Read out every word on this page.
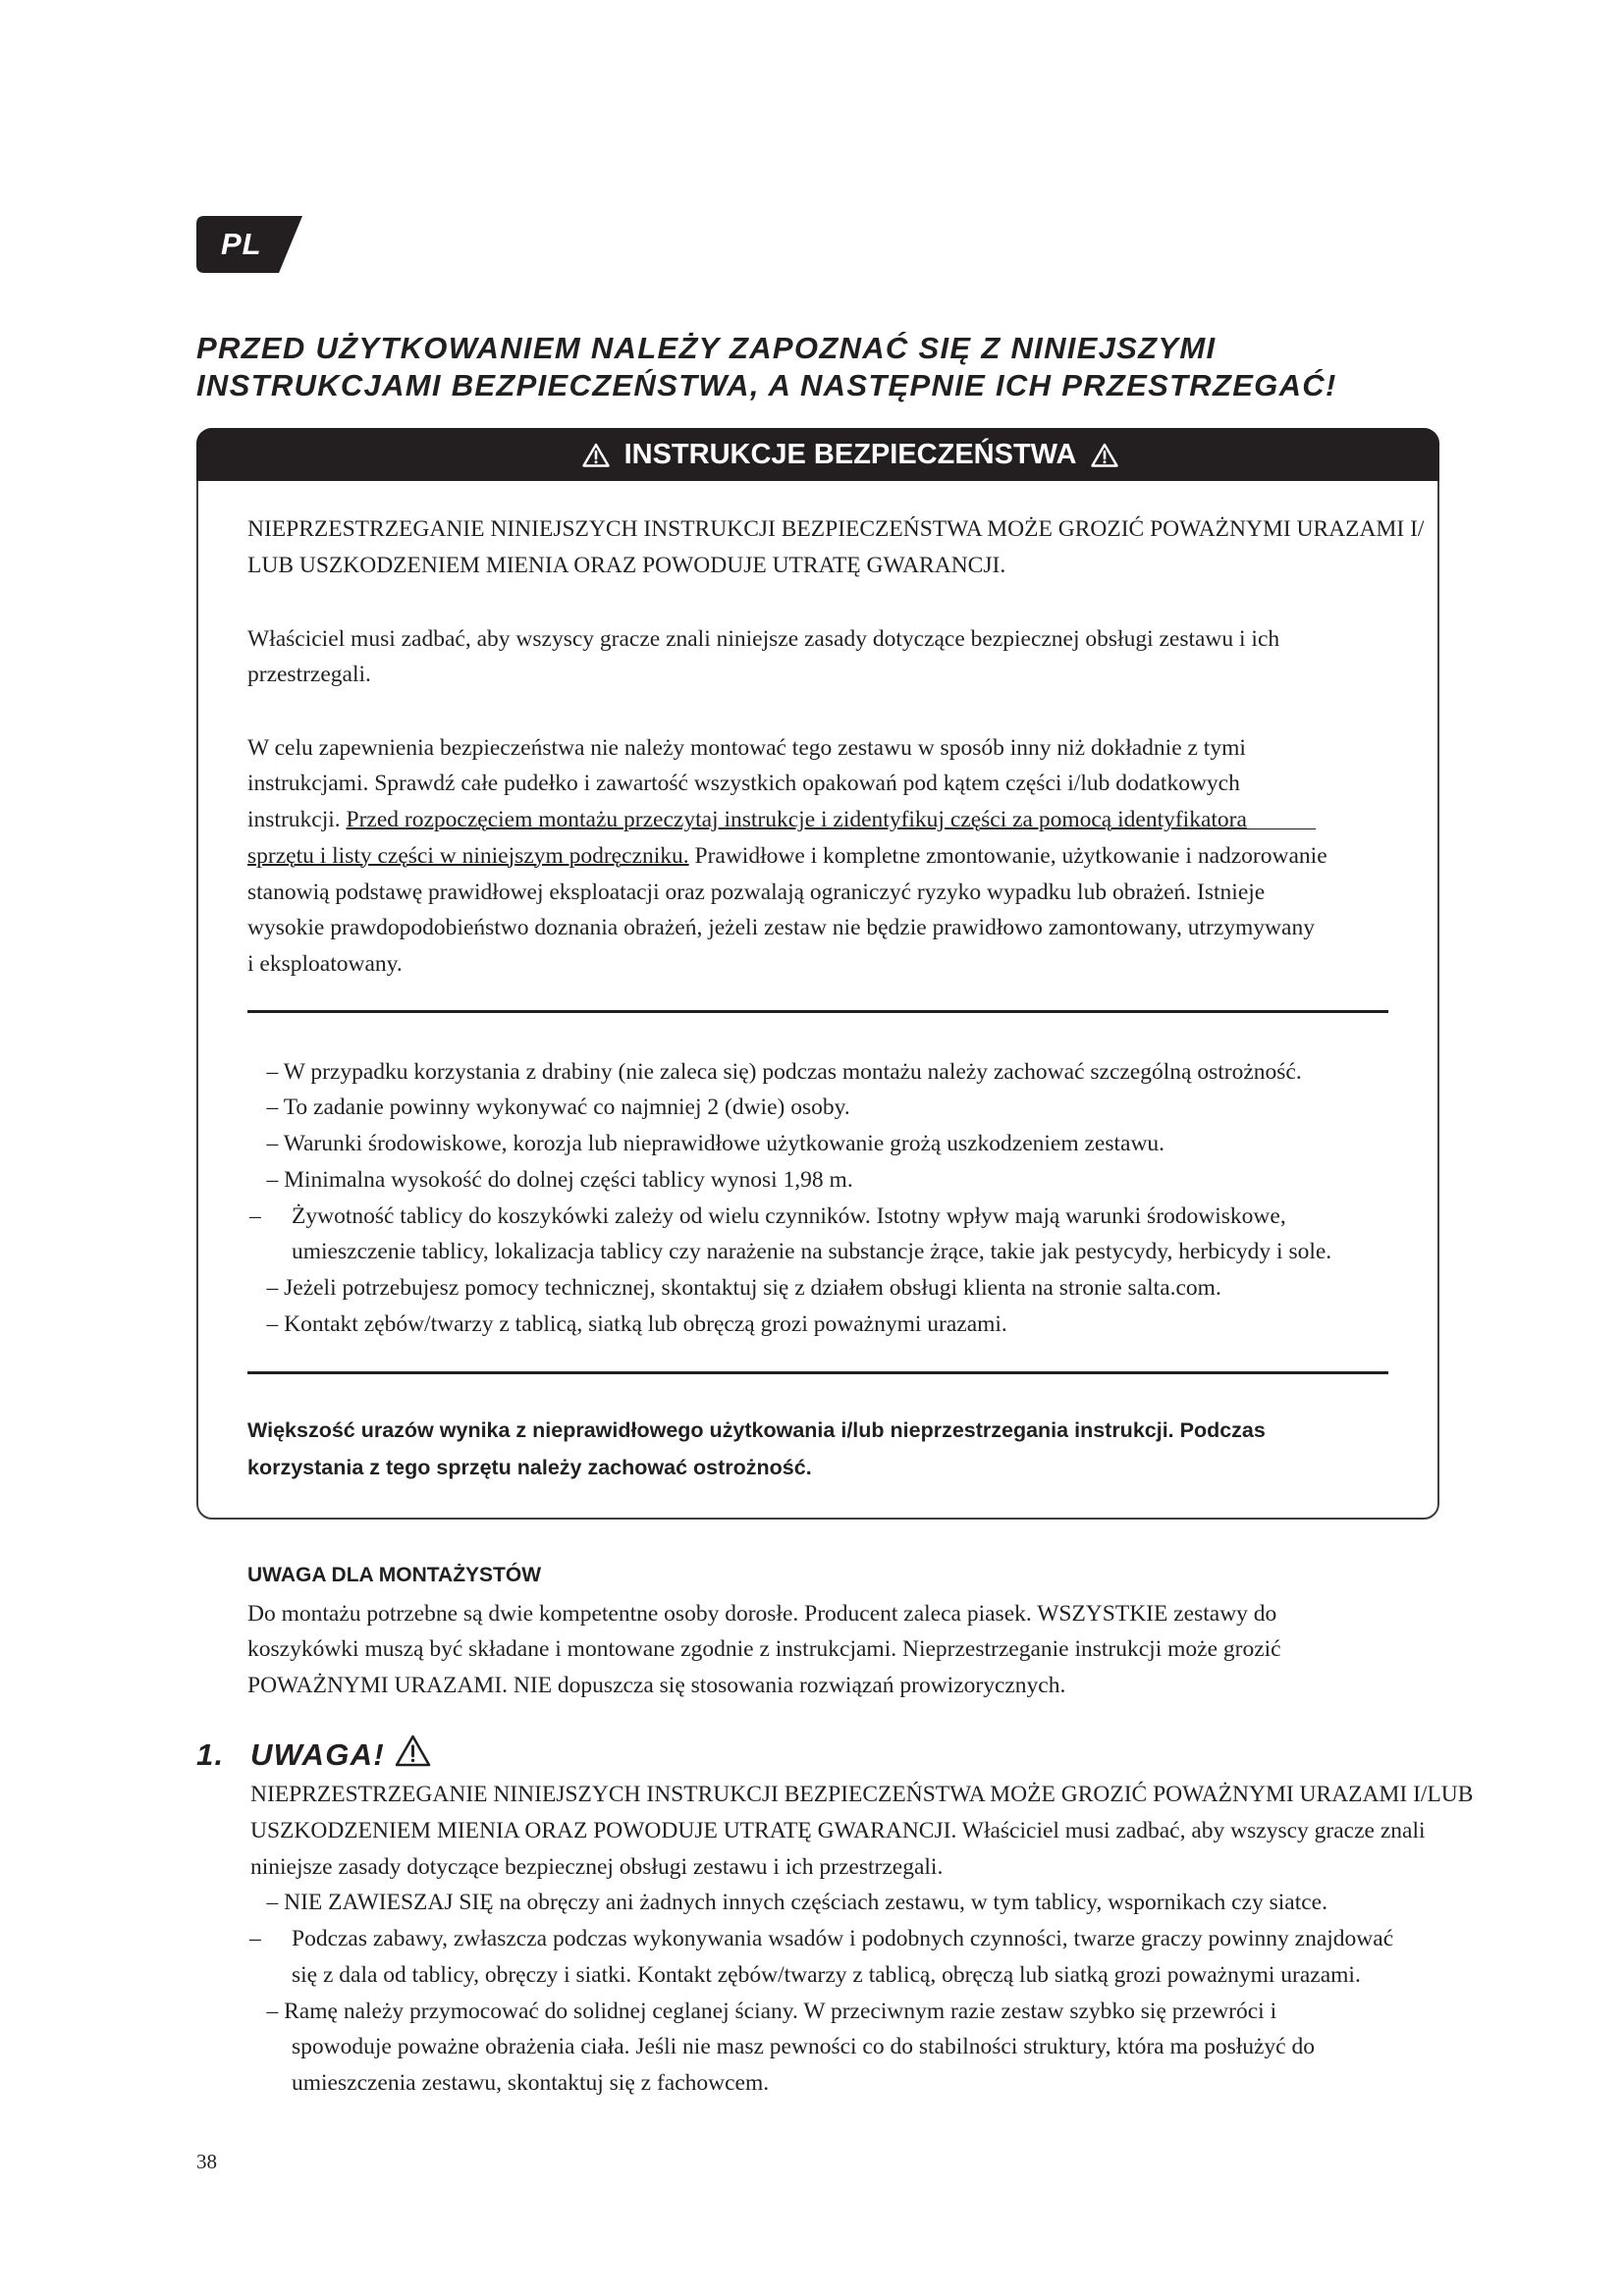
PL
PRZED UŻYTKOWANIEM NALEŻY ZAPOZNAĆ SIĘ Z NINIEJSZYMI
INSTRUKCJAMI BEZPIECZEŃSTWA, A NASTĘPNIE ICH PRZESTRZEGAĆ!
INSTRUKCJE BEZPIECZEŃSTWA
NIEPRZESTRZEGANIE NINIEJSZYCH INSTRUKCJI BEZPIECZEŃSTWA MOŻE GROZIĆ POWAŻNYMI URAZAMI I/
LUB USZKODZENIEM MIENIA ORAZ POWODUJE UTRATĘ GWARANCJI.
Właściciel musi zadbać, aby wszyscy gracze znali niniejsze zasady dotyczące bezpiecznej obsługi zestawu i ich
przestrzegali.
W celu zapewnienia bezpieczeństwa nie należy montować tego zestawu w sposób inny niż dokładnie z tymi
instrukcjami. Sprawdź całe pudełko i zawartość wszystkich opakowań pod kątem części i/lub dodatkowych
instrukcji. Przed rozpoczęciem montażu przeczytaj instrukcje i zidentyfikuj części za pomocą identyfikatora
sprzętu i listy części w niniejszym podręczniku. Prawidłowe i kompletne zmontowanie, użytkowanie i nadzorowanie
stanowią podstawę prawidłowej eksploatacji oraz pozwalają ograniczyć ryzyko wypadku lub obrażeń. Istnieje
wysokie prawdopodobieństwo doznania obrażeń, jeżeli zestaw nie będzie prawidłowo zamontowany, utrzymywany
i eksploatowany.
– W przypadku korzystania z drabiny (nie zaleca się) podczas montażu należy zachować szczególną ostrożność.
– To zadanie powinny wykonywać co najmniej 2 (dwie) osoby.
– Warunki środowiskowe, korozja lub nieprawidłowe użytkowanie grożą uszkodzeniem zestawu.
– Minimalna wysokość do dolnej części tablicy wynosi 1,98 m.
– Żywotność tablicy do koszykówki zależy od wielu czynników. Istotny wpływ mają warunki środowiskowe,
umieszczenie tablicy, lokalizacja tablicy czy narażenie na substancje żrące, takie jak pestycydy, herbicydy i sole.
– Jeżeli potrzebujesz pomocy technicznej, skontaktuj się z działem obsługi klienta na stronie salta.com.
– Kontakt zębów/twarzy z tablicą, siatką lub obręczą grozi poważnymi urazami.
Większość urazów wynika z nieprawidłowego użytkowania i/lub nieprzestrzegania instrukcji. Podczas
korzystania z tego sprzętu należy zachować ostrożność.
UWAGA DLA MONTAŻYSTÓW
Do montażu potrzebne są dwie kompetentne osoby dorosłe. Producent zaleca piasek. WSZYSTKIE zestawy do
koszykówki muszą być składane i montowane zgodnie z instrukcjami. Nieprzestrzeganie instrukcji może grozić
POWAŻNYMI URAZAMI. NIE dopuszcza się stosowania rozwiązań prowizorycznych.
1. UWAGA!
NIEPRZESTRZEGANIE NINIEJSZYCH INSTRUKCJI BEZPIECZEŃSTWA MOŻE GROZIĆ POWAŻNYMI URAZAMI I/LUB
USZKODZENIEM MIENIA ORAZ POWODUJE UTRATĘ GWARANCJI. Właściciel musi zadbać, aby wszyscy gracze znali
niniejsze zasady dotyczące bezpiecznej obsługi zestawu i ich przestrzegali.
– NIE ZAWIESZAJ SIĘ na obręczy ani żadnych innych częściach zestawu, w tym tablicy, wspornikach czy siatce.
– Podczas zabawy, zwłaszcza podczas wykonywania wsadów i podobnych czynności, twarze graczy powinny znajdować
się z dala od tablicy, obręczy i siatki. Kontakt zębów/twarzy z tablicą, obręczą lub siatką grozi poważnymi urazami.
– Ramę należy przymocować do solidnej ceglanej ściany. W przeciwnym razie zestaw szybko się przewróci i
spowoduje poważne obrażenia ciała. Jeśli nie masz pewności co do stabilności struktury, która ma posłużyć do
umieszczenia zestawu, skontaktuj się z fachowcem.
38
